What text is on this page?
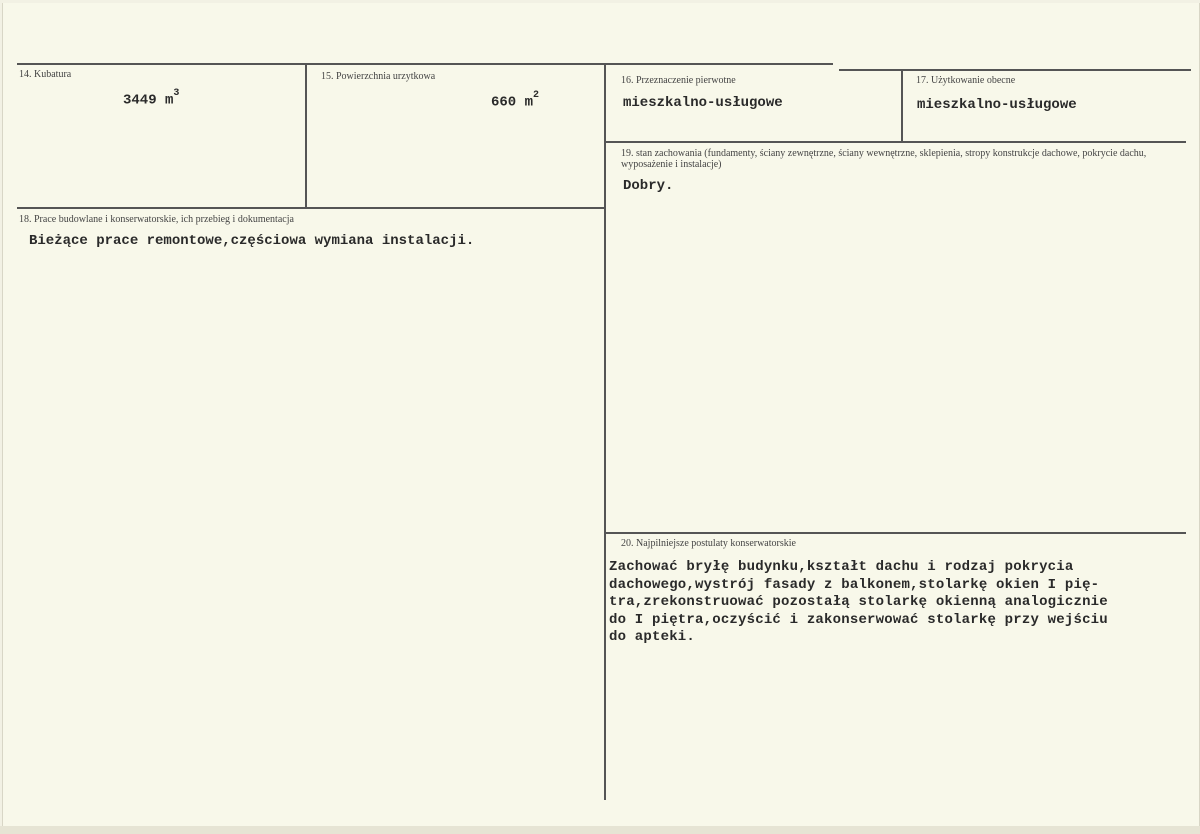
14. Kubatura
3449 $m^3$
15. Powierzchnia urzytkowa
660 $m^2$
16. Przeznaczenie pierwotne
mieszkalno-usługowe
17. Użytkowanie obecne
mieszkalno-usługowe
18. Prace budowlane i konserwatorskie, ich przebieg i dokumentacja
Bieżące prace remontowe,częściowa wymiana instalacji.
19. stan zachowania (fundamenty, ściany zewnętrzne, ściany wewnętrzne, sklepienia, stropy konstrukcje dachowe, pokrycie dachu, wyposażenie i instalacje)
Dobry.
20. Najpilniejsze postulaty konserwatorskie
Zachować bryłę budynku,kształt dachu i rodzaj pokrycia
dachowego,wystrój fasady z balkonem,stolarkę okien I pię-
tra,zrekonstruować pozostałą stolarkę okienną analogicznie
do I piętra,oczyścić i zakonserwować stolarkę przy wejściu
do apteki.
